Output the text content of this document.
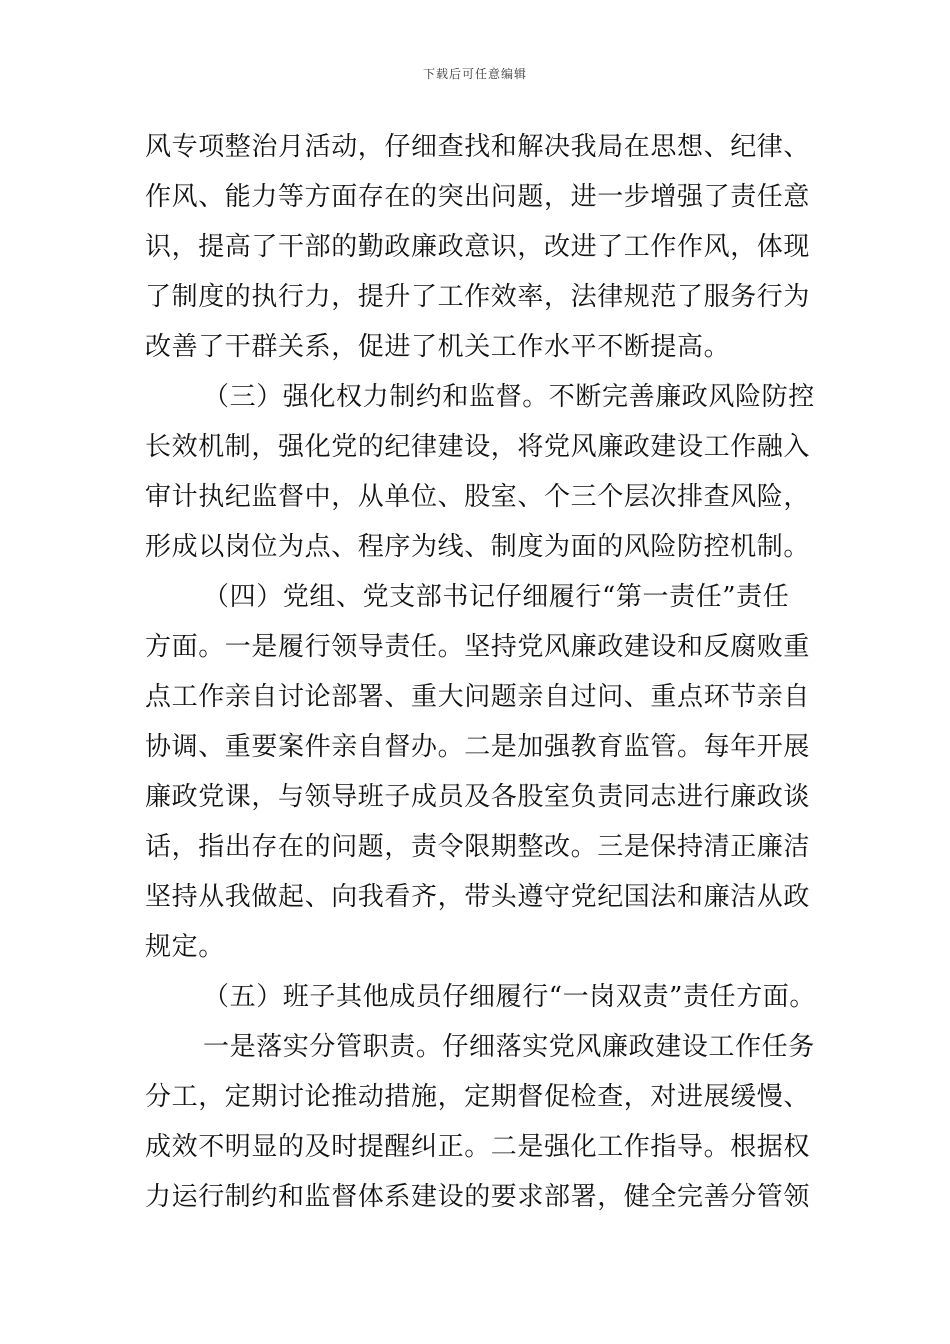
下载后可任意编辑
风专项整治月活动，仔细查找和解决我局在思想、纪律、
作风、能力等方面存在的突出问题，进一步增强了责任意
识，提高了干部的勤政廉政意识，改进了工作作风，体现
了制度的执行力，提升了工作效率，法律规范了服务行为
改善了干群关系，促进了机关工作水平不断提高。
（三）强化权力制约和监督。不断完善廉政风险防控
长效机制，强化党的纪律建设，将党风廉政建设工作融入
审计执纪监督中，从单位、股室、个三个层次排查风险，
形成以岗位为点、程序为线、制度为面的风险防控机制。
（四）党组、党支部书记仔细履行“第一责任”责任
方面。一是履行领导责任。坚持党风廉政建设和反腐败重
点工作亲自讨论部署、重大问题亲自过问、重点环节亲自
协调、重要案件亲自督办。二是加强教育监管。每年开展
廉政党课，与领导班子成员及各股室负责同志进行廉政谈
话，指出存在的问题，责令限期整改。三是保持清正廉洁
坚持从我做起、向我看齐，带头遵守党纪国法和廉洁从政
规定。
（五）班子其他成员仔细履行“一岗双责”责任方面。
一是落实分管职责。仔细落实党风廉政建设工作任务
分工，定期讨论推动措施，定期督促检查，对进展缓慢、
成效不明显的及时提醒纠正。二是强化工作指导。根据权
力运行制约和监督体系建设的要求部署，健全完善分管领
